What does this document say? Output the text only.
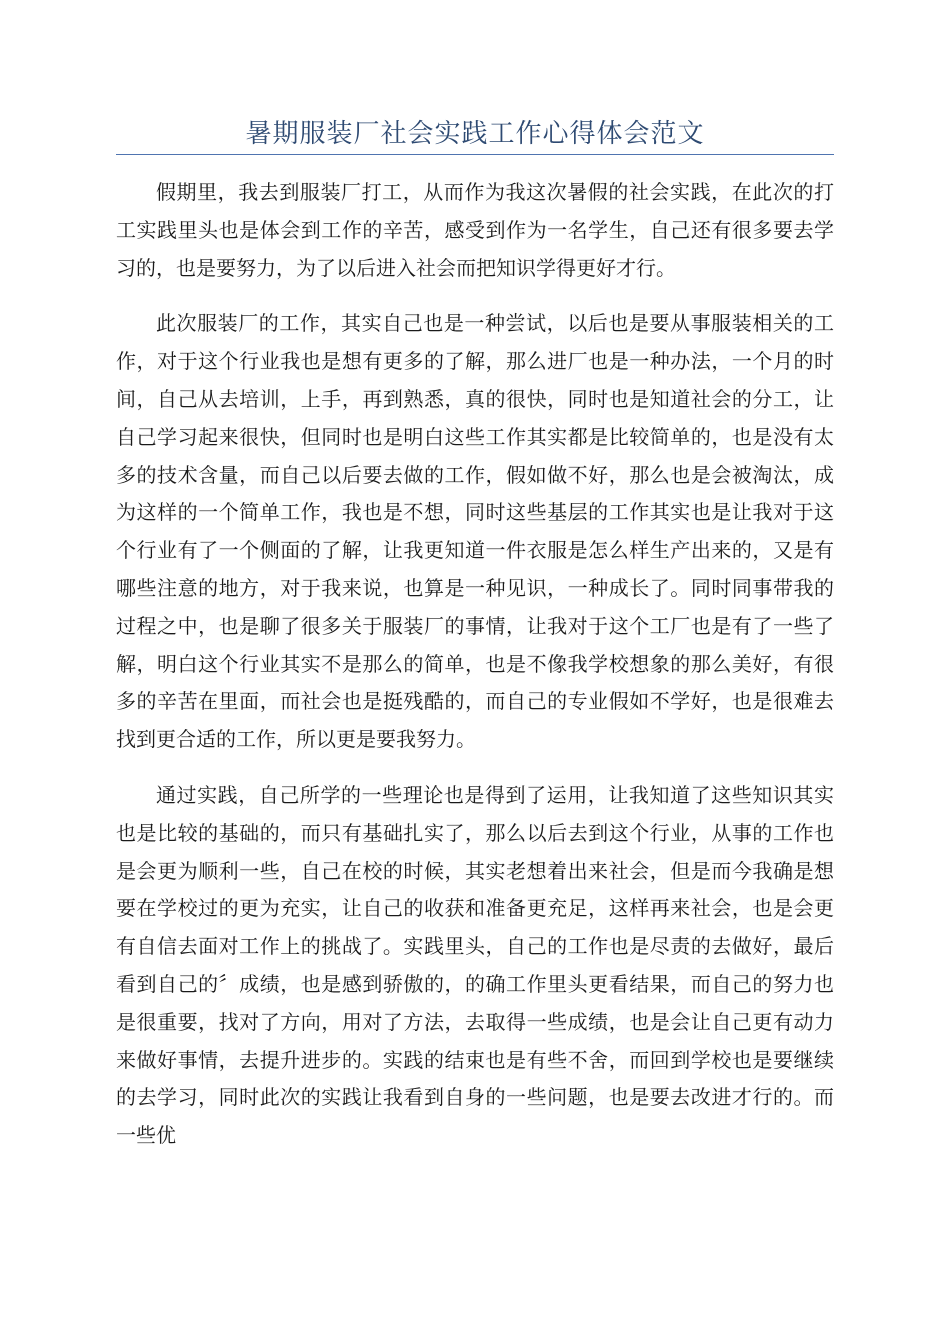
暑期服装厂社会实践工作心得体会范文

假期里，我去到服装厂打工，从而作为我这次暑假的社会实践，在此次的打工实践里头也是体会到工作的辛苦，感受到作为一名学生，自己还有很多要去学习的，也是要努力，为了以后进入社会而把知识学得更好才行。

此次服装厂的工作，其实自己也是一种尝试，以后也是要从事服装相关的工作，对于这个行业我也是想有更多的了解，那么进厂也是一种办法，一个月的时间，自己从去培训，上手，再到熟悉，真的很快，同时也是知道社会的分工，让自己学习起来很快，但同时也是明白这些工作其实都是比较简单的，也是没有太多的技术含量，而自己以后要去做的工作，假如做不好，那么也是会被淘汰，成为这样的一个简单工作，我也是不想，同时这些基层的工作其实也是让我对于这个行业有了一个侧面的了解，让我更知道一件衣服是怎么样生产出来的，又是有哪些注意的地方，对于我来说，也算是一种见识，一种成长了。同时同事带我的过程之中，也是聊了很多关于服装厂的事情，让我对于这个工厂也是有了一些了解，明白这个行业其实不是那么的简单，也是不像我学校想象的那么美好，有很多的辛苦在里面，而社会也是挺残酷的，而自己的专业假如不学好，也是很难去找到更合适的工作，所以更是要我努力。

通过实践，自己所学的一些理论也是得到了运用，让我知道了这些知识其实也是比较的基础的，而只有基础扎实了，那么以后去到这个行业，从事的工作也是会更为顺利一些，自己在校的时候，其实老想着出来社会，但是而今我确是想要在学校过的更为充实，让自己的收获和准备更充足，这样再来社会，也是会更有自信去面对工作上的挑战了。实践里头，自己的工作也是尽责的去做好，最后看到自己的〞成绩，也是感到骄傲的，的确工作里头更看结果，而自己的努力也是很重要，找对了方向，用对了方法，去取得一些成绩，也是会让自己更有动力来做好事情，去提升进步的。实践的结束也是有些不舍，而回到学校也是要继续的去学习，同时此次的实践让我看到自身的一些问题，也是要去改进才行的。而一些优
